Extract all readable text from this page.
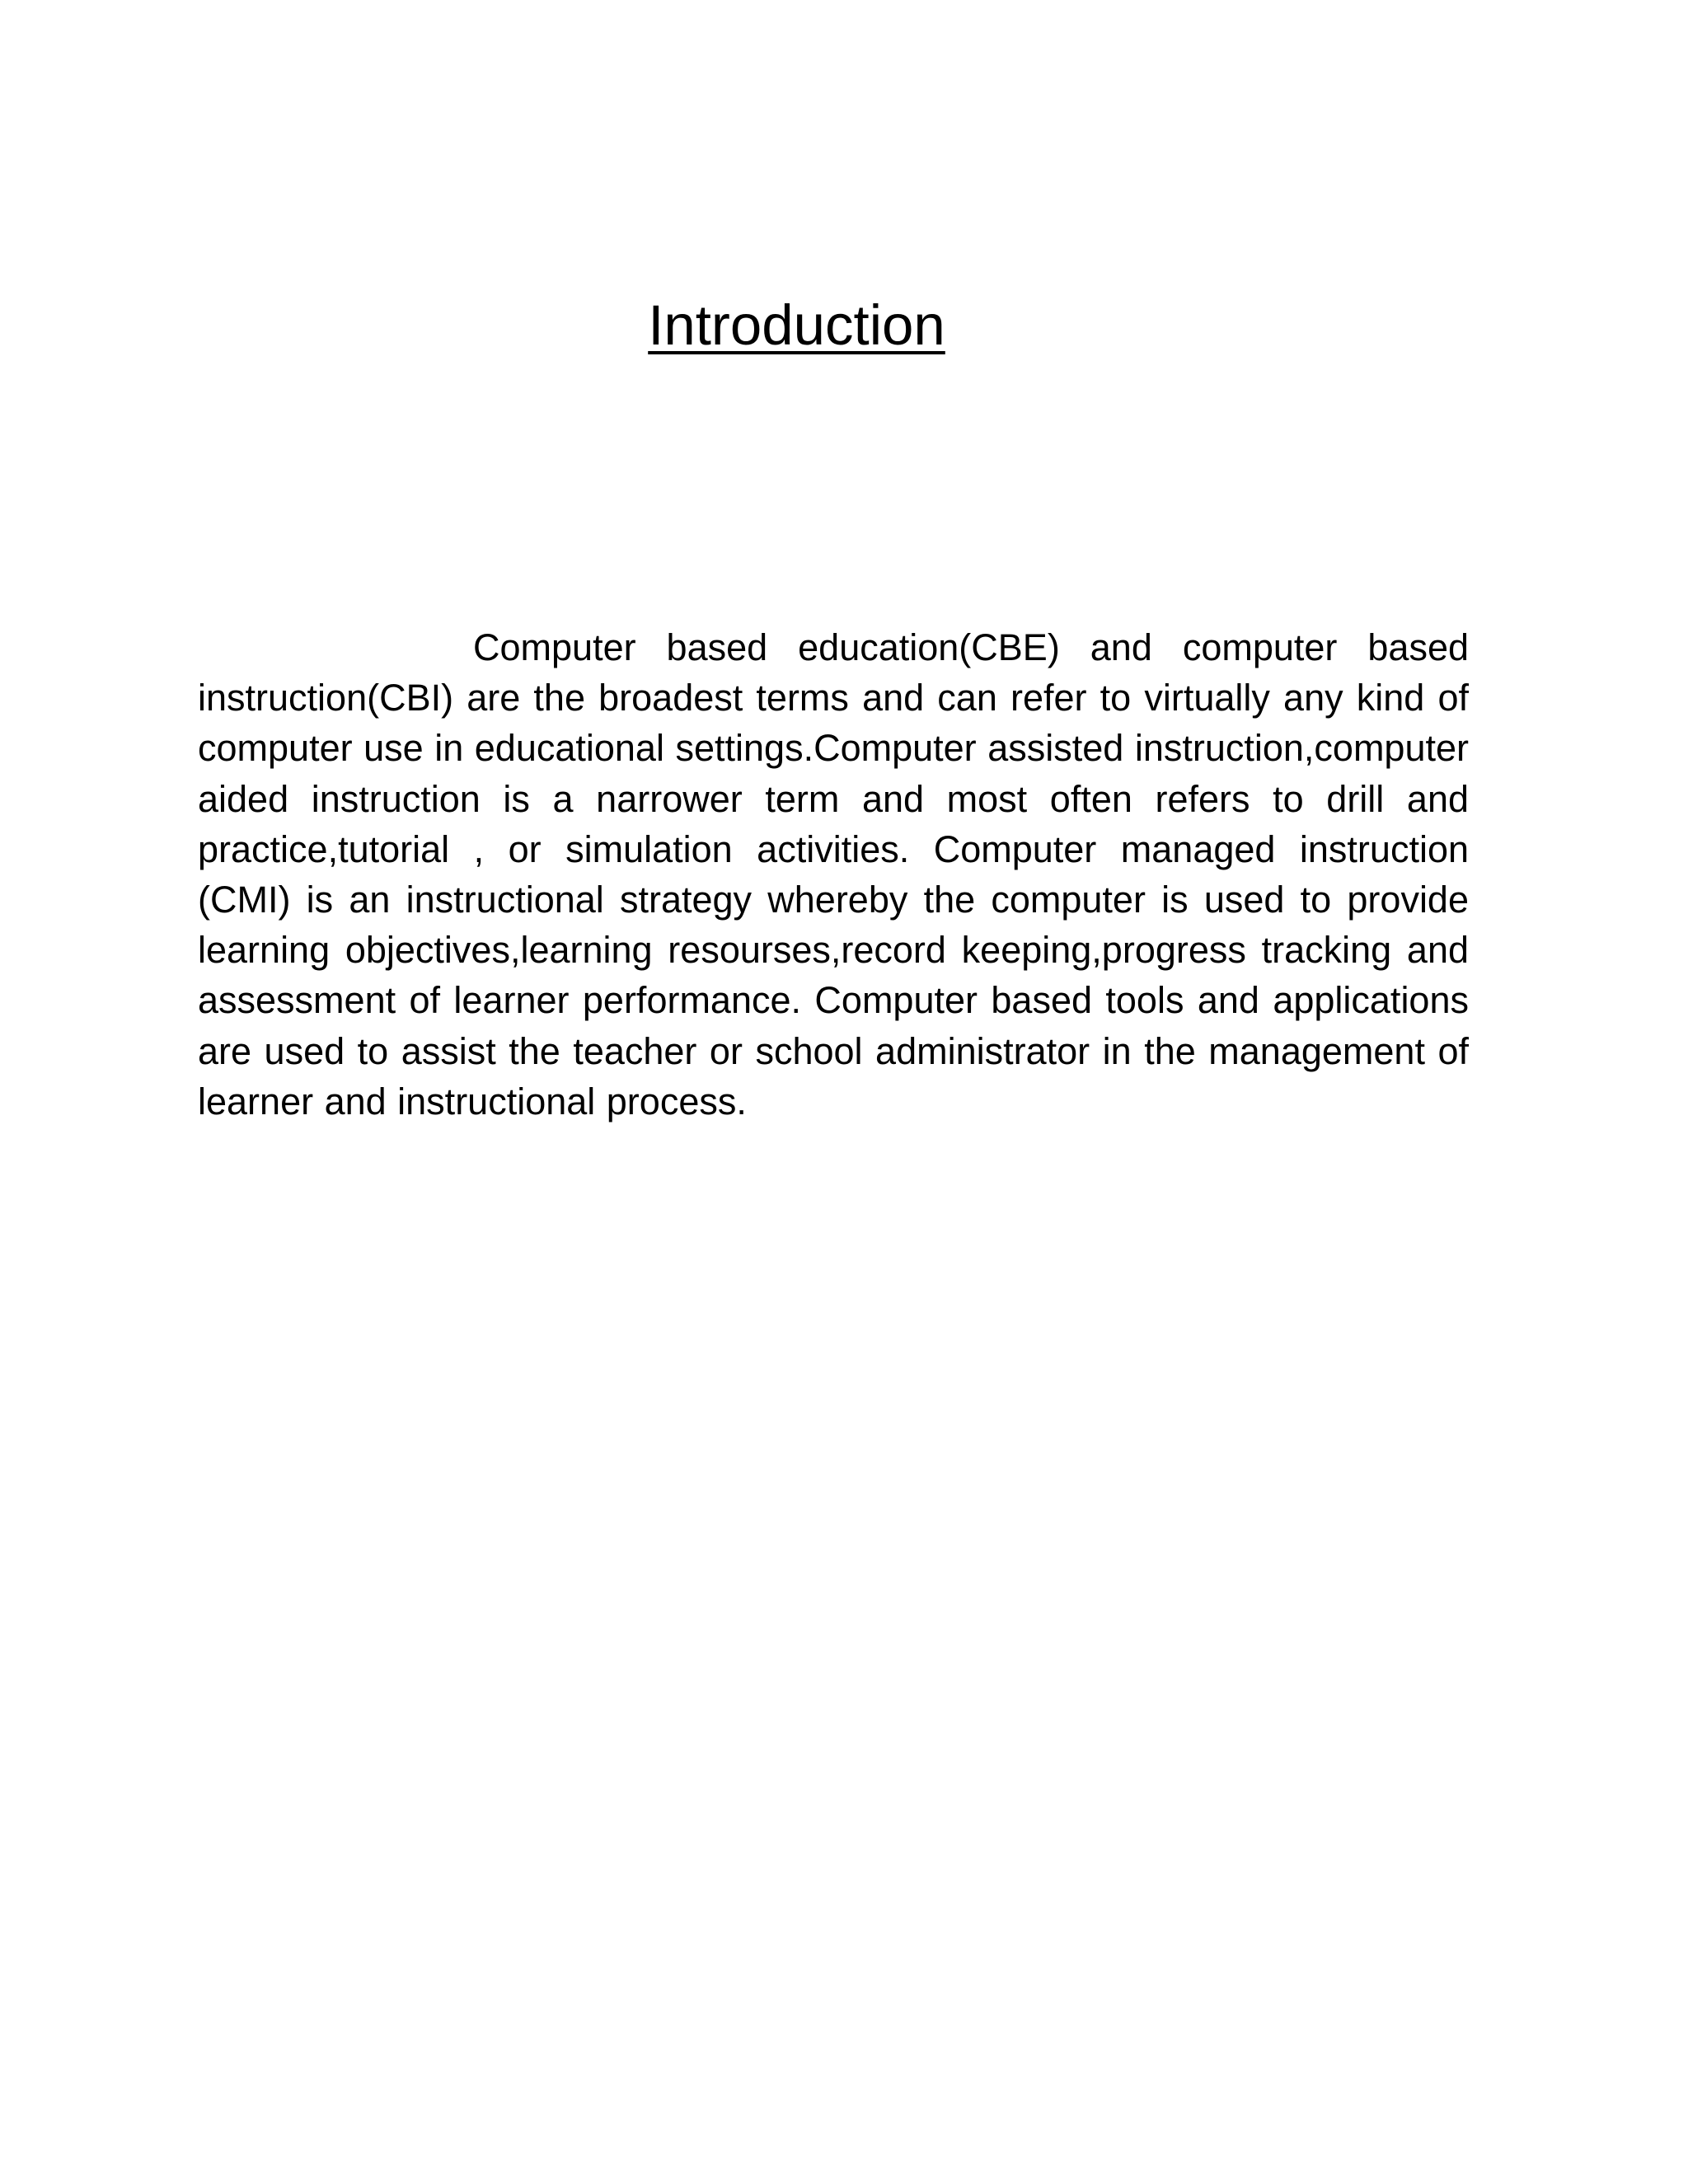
Introduction

Computer based education(CBE) and computer based instruction(CBI) are the broadest terms and can refer to virtually any kind of computer use in educational settings.Computer assisted instruction,computer aided instruction is a narrower term and most often refers to drill and practice,tutorial , or simulation activities. Computer managed instruction (CMI) is an instructional strategy whereby the computer is used to provide learning objectives,learning resourses,record keeping,progress tracking and assessment of learner performance. Computer based tools and applications are used to assist the teacher or school administrator in the management of learner and instructional process.
